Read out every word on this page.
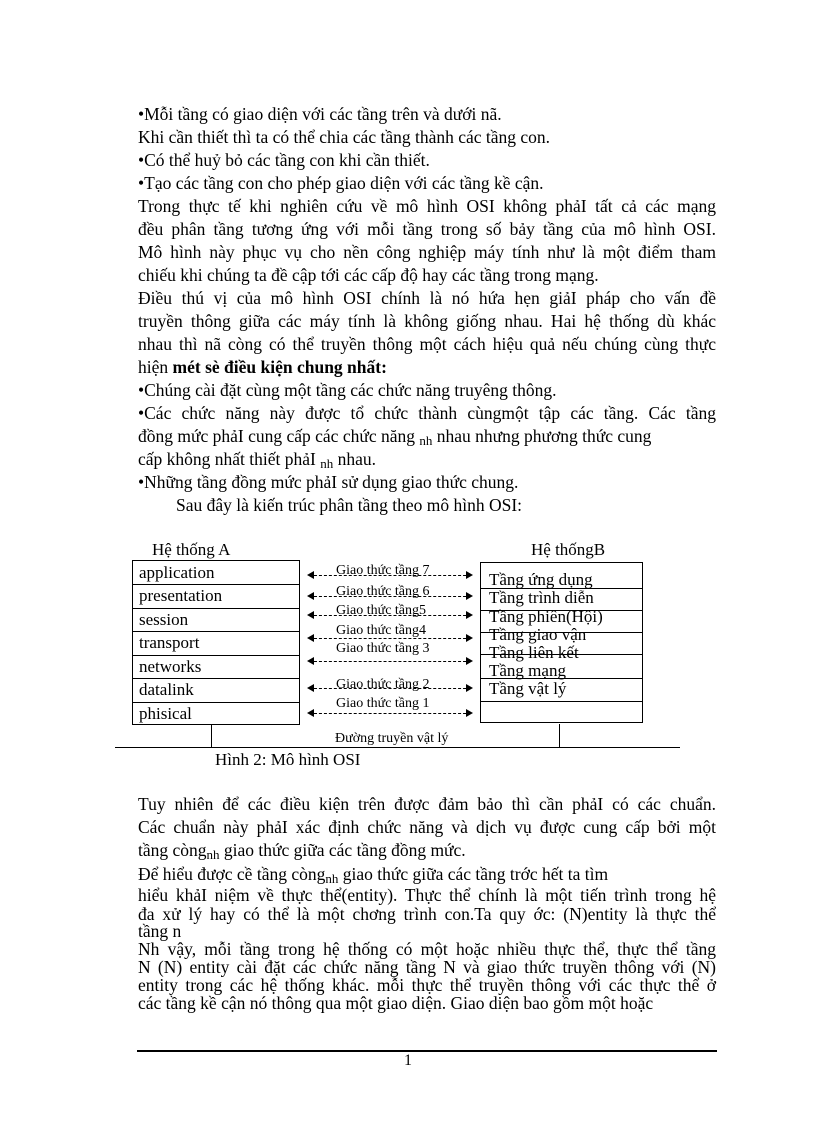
•Mỗi tầng có giao diện với các tầng trên và dưới nã.
Khi cần thiết thì ta có thể chia các tầng thành các tầng con.
•Có thể huỷ bỏ các tầng con khi cần thiết.
•Tạo các tầng con cho phép giao diện với các tầng kề cận.
Trong thực tế khi nghiên cứu về mô hình OSI không phảI tất cả các mạng
đều phân tầng tương ứng với mỗi tầng trong số bảy tầng của mô hình OSI.
Mô hình này phục vụ cho nền công nghiệp máy tính như là một điểm tham
chiếu khi chúng ta đề cập tới các cấp độ hay các tầng trong mạng.
Điều thú vị của mô hình OSI chính là nó hứa hẹn giảI pháp cho vấn đề
truyền thông giữa các máy tính là không giống nhau. Hai hệ thống dù khác
nhau thì nã còng có thể truyền thông một cách hiệu quả nếu chúng cùng thực
hiện mét sè điều kiện chung nhất:
•Chúng cài đặt cùng một tầng các chức năng truyêng thông.
•Các chức năng này được tổ chức thành cùngmột tập các tầng. Các tầng
đồng mức phảI cung cấp các chức năng nh nhau nhưng phương thức cung
cấp không nhất thiết phảI nh nhau.
•Những tầng đồng mức phảI sử dụng giao thức chung.
Sau đây là kiến trúc phân tầng theo mô hình OSI:
Hệ thống A	Hệ thốngB
application
presentation
session
transport
networks
datalink
phisical
Tầng ứng dụng
Tầng trình diễn
Tầng phiên(Hội)
Tầng giao vận
Tầng liên kết
Tầng mạng
Tầng vật lý
Giao thức tầng 7
Giao thức tầng 6
Giao thức tầng5
Giao thức tầng4
Giao thức tầng 3
Giao thức tầng 2
Giao thức tầng 1
Đường truyền vật lý
Hình 2: Mô hình OSI
Tuy nhiên để các điều kiện trên được đảm bảo thì cần phảI có các chuẩn.
Các chuẩn này phảI xác định chức năng và dịch vụ được cung cấp bởi một
tầng còngnh giao thức giữa các tầng đồng mức.
Để hiểu được cề tầng còngnh giao thức giữa các tầng trớc hết ta tìm
hiểu khảI niệm về thực thể(entity). Thực thể chính là một tiến trình trong hệ
đa xử lý hay có thể là một chơng trình con.Ta quy ớc: (N)entity là thực thể
tầng n
Nh vậy, mỗi tầng trong hệ thống có một hoặc nhiều thực thể, thực thể tầng
N (N) entity cài đặt các chức năng tầng N và giao thức truyền thông với (N)
entity trong các hệ thống khác. mỗi thực thể truyền thông với các thực thể ở
các tầng kề cận nó thông qua một giao diện. Giao diện bao gồm một hoặc
1
